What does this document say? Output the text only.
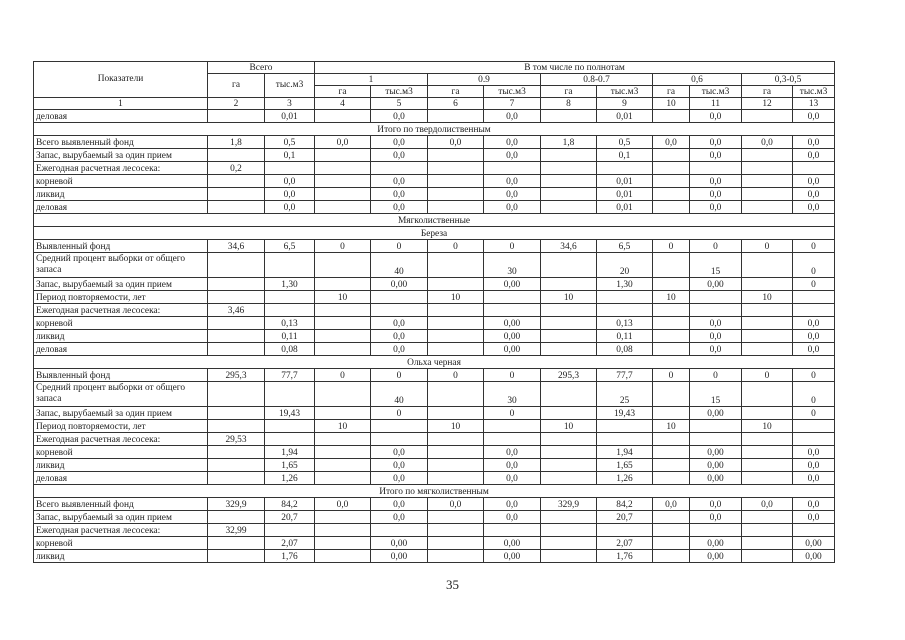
Показатели	Всего		В том числе по полнотам									
	га	тыс.м3	1		0.9		0.8-0.7		0,6		0,3-0,5	
			га	тыс.м3	га	тыс.м3	га	тыс.м3	га	тыс.м3	га	тыс.м3
1	2	3	4	5	6	7	8	9	10	11	12	13
деловая		0,01		0,0		0,0		0,01		0,0		0,0
Итого по твердолиственным												
Всего выявленный фонд	1,8	0,5	0,0	0,0	0,0	0,0	1,8	0,5	0,0	0,0	0,0	0,0
Запас, вырубаемый за один прием		0,1		0,0		0,0		0,1		0,0		0,0
Ежегодная расчетная лесосека:	0,2											
корневой		0,0		0,0		0,0		0,01		0,0		0,0
ликвид		0,0		0,0		0,0		0,01		0,0		0,0
деловая		0,0		0,0		0,0		0,01		0,0		0,0
Мягколиственные												
Береза												
Выявленный фонд	34,6	6,5	0	0	0	0	34,6	6,5	0	0	0	0
Средний процент выборки от общего запаса				40		30		20		15		0
Запас, вырубаемый за один прием		1,30		0,00		0,00		1,30		0,00		0
Период повторяемости, лет			10		10		10		10		10	
Ежегодная расчетная лесосека:	3,46											
корневой		0,13		0,0		0,00		0,13		0,0		0,0
ликвид		0,11		0,0		0,00		0,11		0,0		0,0
деловая		0,08		0,0		0,00		0,08		0,0		0,0
Ольха черная												
Выявленный фонд	295,3	77,7	0	0	0	0	295,3	77,7	0	0	0	0
Средний процент выборки от общего запаса				40		30		25		15		0
Запас, вырубаемый за один прием		19,43		0		0		19,43		0,00		0
Период повторяемости, лет			10		10		10		10		10	
Ежегодная расчетная лесосека:	29,53											
корневой		1,94		0,0		0,0		1,94		0,00		0,0
ликвид		1,65		0,0		0,0		1,65		0,00		0,0
деловая		1,26		0,0		0,0		1,26		0,00		0,0
Итого по мягколиственным												
Всего выявленный фонд	329,9	84,2	0,0	0,0	0,0	0,0	329,9	84,2	0,0	0,0	0,0	0,0
Запас, вырубаемый за один прием		20,7		0,0		0,0		20,7		0,0		0,0
Ежегодная расчетная лесосека:	32,99											
корневой		2,07		0,00		0,00		2,07		0,00		0,00
ликвид		1,76		0,00		0,00		1,76		0,00		0,00
35
